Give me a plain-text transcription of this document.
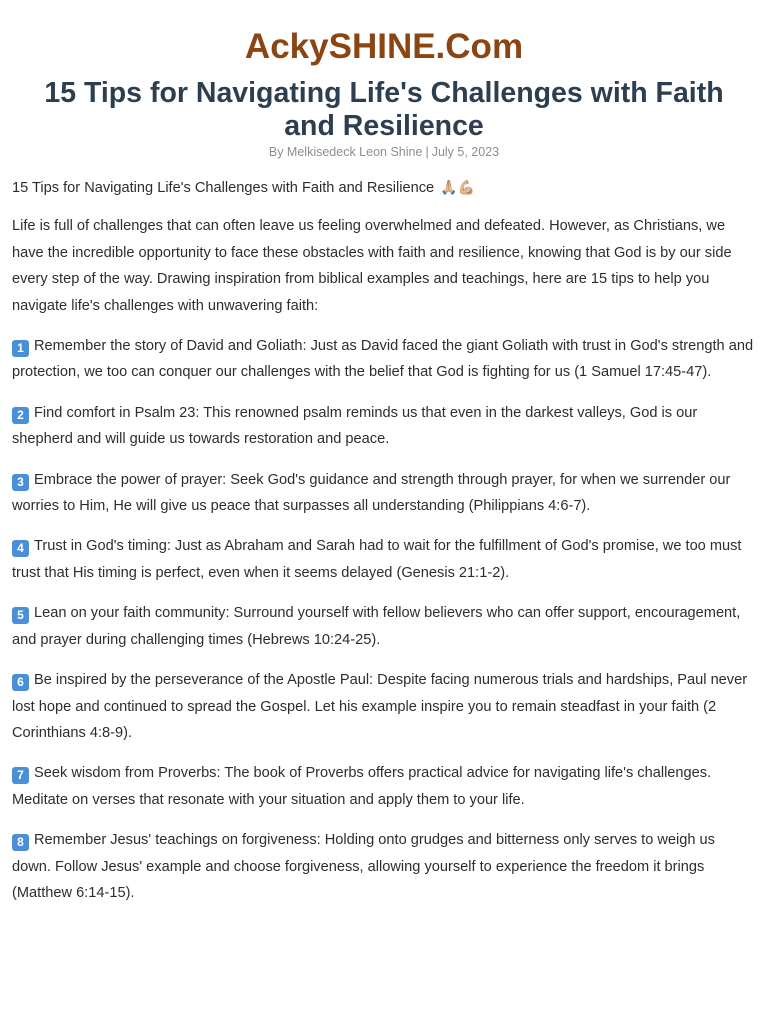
AckySHINE.Com
15 Tips for Navigating Life's Challenges with Faith and Resilience
By Melkisedeck Leon Shine | July 5, 2023

15 Tips for Navigating Life's Challenges with Faith and Resilience 🙏🏼💪🏼

Life is full of challenges that can often leave us feeling overwhelmed and defeated. However, as Christians, we have the incredible opportunity to face these obstacles with faith and resilience, knowing that God is by our side every step of the way. Drawing inspiration from biblical examples and teachings, here are 15 tips to help you navigate life's challenges with unwavering faith:

1 Remember the story of David and Goliath: Just as David faced the giant Goliath with trust in God's strength and protection, we too can conquer our challenges with the belief that God is fighting for us (1 Samuel 17:45-47).

2 Find comfort in Psalm 23: This renowned psalm reminds us that even in the darkest valleys, God is our shepherd and will guide us towards restoration and peace.

3 Embrace the power of prayer: Seek God's guidance and strength through prayer, for when we surrender our worries to Him, He will give us peace that surpasses all understanding (Philippians 4:6-7).

4 Trust in God's timing: Just as Abraham and Sarah had to wait for the fulfillment of God's promise, we too must trust that His timing is perfect, even when it seems delayed (Genesis 21:1-2).

5 Lean on your faith community: Surround yourself with fellow believers who can offer support, encouragement, and prayer during challenging times (Hebrews 10:24-25).

6 Be inspired by the perseverance of the Apostle Paul: Despite facing numerous trials and hardships, Paul never lost hope and continued to spread the Gospel. Let his example inspire you to remain steadfast in your faith (2 Corinthians 4:8-9).

7 Seek wisdom from Proverbs: The book of Proverbs offers practical advice for navigating life's challenges. Meditate on verses that resonate with your situation and apply them to your life.

8 Remember Jesus' teachings on forgiveness: Holding onto grudges and bitterness only serves to weigh us down. Follow Jesus' example and choose forgiveness, allowing yourself to experience the freedom it brings (Matthew 6:14-15).
